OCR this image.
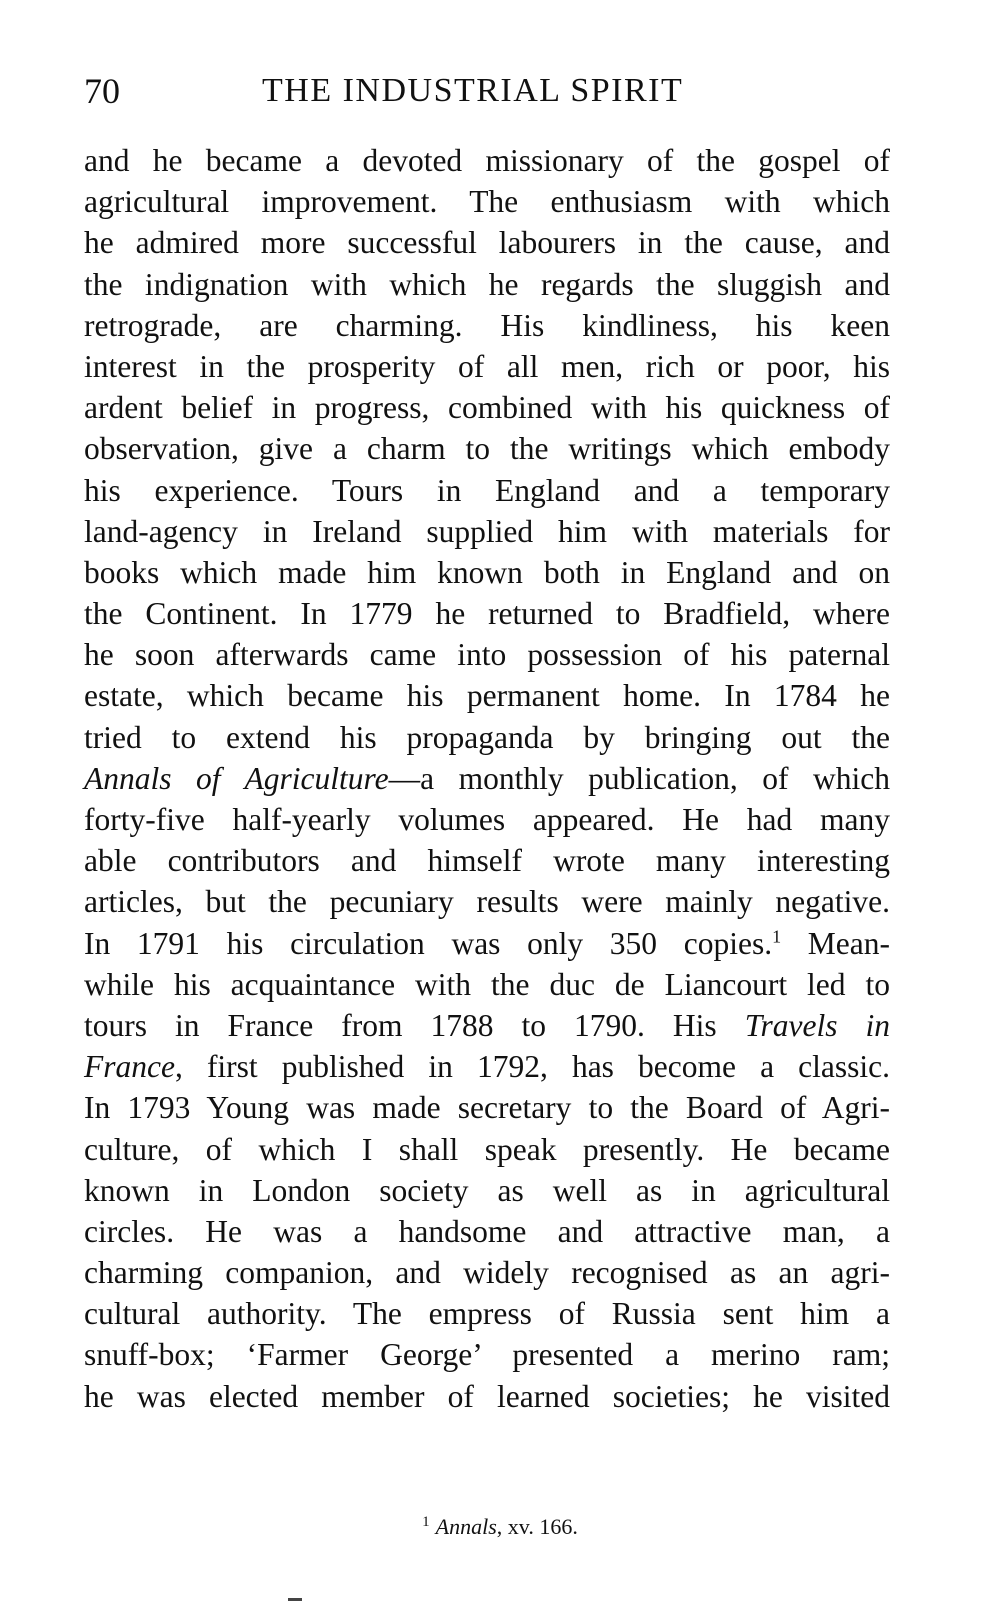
70	THE INDUSTRIAL SPIRIT
and he became a devoted missionary of the gospel of
agricultural improvement. The enthusiasm with which
he admired more successful labourers in the cause, and
the indignation with which he regards the sluggish and
retrograde, are charming. His kindliness, his keen
interest in the prosperity of all men, rich or poor, his
ardent belief in progress, combined with his quickness of
observation, give a charm to the writings which embody
his experience. Tours in England and a temporary
land-agency in Ireland supplied him with materials for
books which made him known both in England and on
the Continent. In 1779 he returned to Bradfield, where
he soon afterwards came into possession of his paternal
estate, which became his permanent home. In 1784 he
tried to extend his propaganda by bringing out the
Annals of Agriculture—a monthly publication, of which
forty-five half-yearly volumes appeared. He had many
able contributors and himself wrote many interesting
articles, but the pecuniary results were mainly negative.
In 1791 his circulation was only 350 copies.$^1$ Mean-
while his acquaintance with the duc de Liancourt led to
tours in France from 1788 to 1790. His Travels in
France, first published in 1792, has become a classic.
In 1793 Young was made secretary to the Board of Agri-
culture, of which I shall speak presently. He became
known in London society as well as in agricultural
circles. He was a handsome and attractive man, a
charming companion, and widely recognised as an agri-
cultural authority. The empress of Russia sent him a
snuff-box; ‘Farmer George’ presented a merino ram;
he was elected member of learned societies; he visited
$^1$ Annals, xv. 166.
